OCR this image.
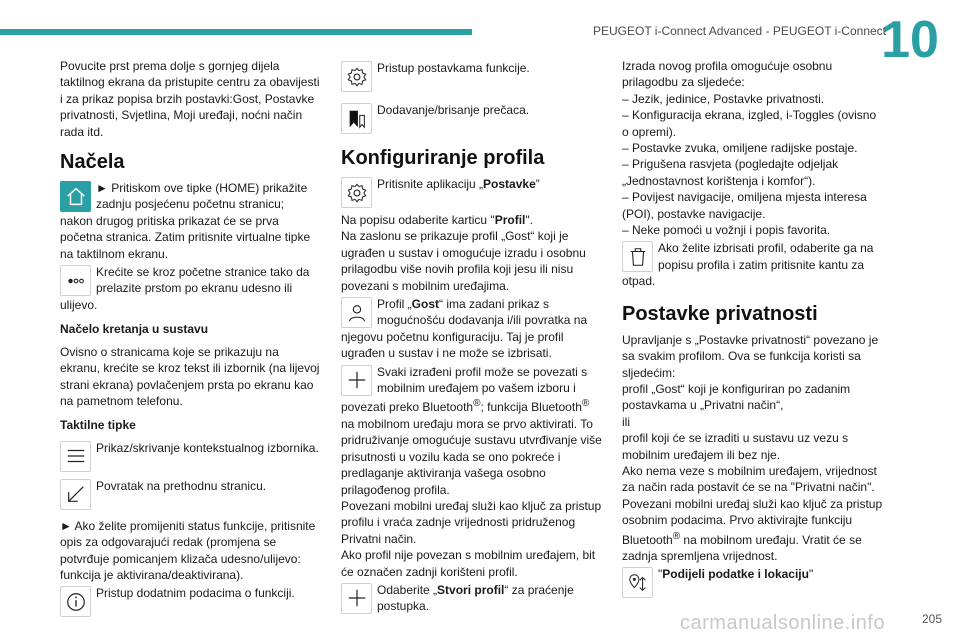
PEUGEOT i-Connect Advanced - PEUGEOT i-Connect
10

Povucite prst prema dolje s gornjeg dijela taktilnog ekrana da pristupite centru za obavijesti i za prikaz popisa brzih postavki:Gost, Postavke privatnosti, Svjetlina, Moji uređaji, noćni način rada itd.

Načela
► Pritiskom ove tipke (HOME) prikažite zadnju posjećenu početnu stranicu;

nakon drugog pritiska prikazat će se prva početna stranica. Zatim pritisnite virtualne tipke na taktilnom ekranu.

Krećite se kroz početne stranice tako da prelazite prstom po ekranu udesno ili

ulijevo.

Načelo kretanja u sustavu

Ovisno o stranicama koje se prikazuju na ekranu, krećite se kroz tekst ili izbornik (na lijevoj strani ekrana) povlačenjem prsta po ekranu kao na pametnom telefonu.

Taktilne tipke
Prikaz/skrivanje kontekstualnog izbornika.
Povratak na prethodnu stranicu.

► Ako želite promijeniti status funkcije, pritisnite opis za odgovarajući redak (promjena se potvrđuje pomicanjem klizača udesno/ulijevo: funkcija je aktivirana/deaktivirana).

Pristup dodatnim podacima o funkciji.
Pristup postavkama funkcije.
Dodavanje/brisanje prečaca.
Konfiguriranje profila
Pritisnite aplikaciju „Postavke”

Na popisu odaberite karticu "Profil".

Na zaslonu se prikazuje profil „Gost“ koji je ugrađen u sustav i omogućuje izradu i osobnu prilagodbu više novih profila koji jesu ili nisu povezani s mobilnim uređajima.

Profil „Gost“ ima zadani prikaz s mogućnošću dodavanja i/ili povratka na

njegovu početnu konfiguraciju. Taj je profil ugrađen u sustav i ne može se izbrisati.

Svaki izrađeni profil može se povezati s mobilnim uređajem po vašem izboru i

povezati preko Bluetooth®; funkcija Bluetooth® na mobilnom uređaju mora se prvo aktivirati. To pridruživanje omogućuje sustavu utvrđivanje više prisutnosti u vozilu kada se ono pokreće i predlaganje aktiviranja vašega osobno prilagođenog profila.

Povezani mobilni uređaj služi kao ključ za pristup profilu i vraća zadnje vrijednosti pridruženog Privatni način.

Ako profil nije povezan s mobilnim uređajem, bit će označen zadnji korišteni profil.

Odaberite „Stvori profil“ za praćenje postupka.

Izrada novog profila omogućuje osobnu prilagodbu za sljedeće:

– Jezik, jedinice, Postavke privatnosti.

– Konfiguracija ekrana, izgled, i-Toggles (ovisno o opremi).

– Postavke zvuka, omiljene radijske postaje.

– Prigušena rasvjeta (pogledajte odjeljak „Jednostavnost korištenja i komfor“).

– Povijest navigacije, omiljena mjesta interesa (POI), postavke navigacije.

– Neke pomoći u vožnji i popis favorita.

Ako želite izbrisati profil, odaberite ga na popisu profila i zatim pritisnite kantu za

otpad.

Postavke privatnosti

Upravljanje s „Postavke privatnosti“ povezano je sa svakim profilom. Ova se funkcija koristi sa sljedećim:

profil „Gost“ koji je konfiguriran po zadanim postavkama u „Privatni način“,

ili

profil koji će se izraditi u sustavu uz vezu s mobilnim uređajem ili bez nje.

Ako nema veze s mobilnim uređajem, vrijednost za način rada postavit će se na "Privatni način".

Povezani mobilni uređaj služi kao ključ za pristup osobnim podacima. Prvo aktivirajte funkciju Bluetooth® na mobilnom uređaju. Vratit će se zadnja spremljena vrijednost.

"Podijeli podatke i lokaciju"
carmanualsonline.info	205
